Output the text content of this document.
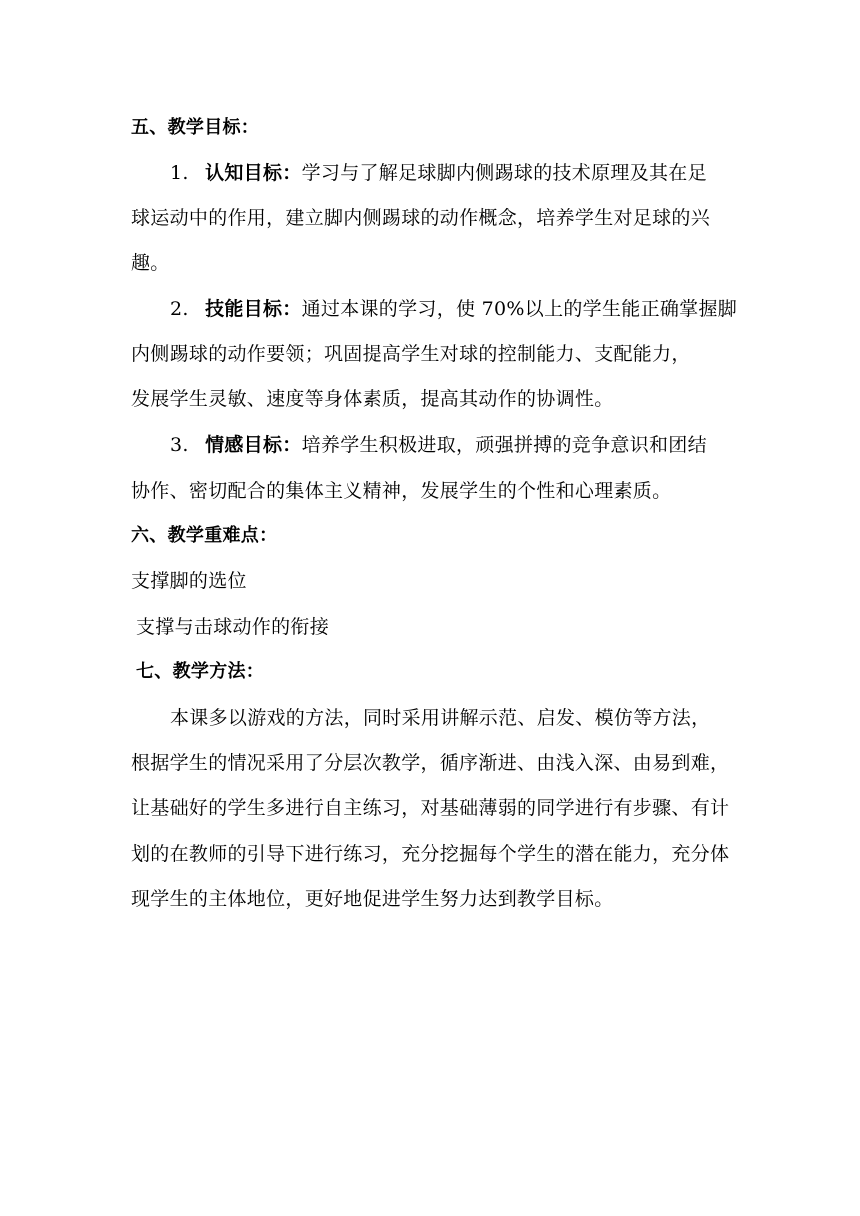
五、教学目标：
1. 认知目标：学习与了解足球脚内侧踢球的技术原理及其在足
球运动中的作用，建立脚内侧踢球的动作概念，培养学生对足球的兴
趣。
2. 技能目标：通过本课的学习，使 70%以上的学生能正确掌握脚
内侧踢球的动作要领；巩固提高学生对球的控制能力、支配能力，
发展学生灵敏、速度等身体素质，提高其动作的协调性。
3. 情感目标：培养学生积极进取，顽强拼搏的竞争意识和团结
协作、密切配合的集体主义精神，发展学生的个性和心理素质。
六、教学重难点：
支撑脚的选位
支撑与击球动作的衔接
七、教学方法：
本课多以游戏的方法，同时采用讲解示范、启发、模仿等方法，
根据学生的情况采用了分层次教学，循序渐进、由浅入深、由易到难，
让基础好的学生多进行自主练习，对基础薄弱的同学进行有步骤、有计
划的在教师的引导下进行练习，充分挖掘每个学生的潜在能力，充分体
现学生的主体地位，更好地促进学生努力达到教学目标。
